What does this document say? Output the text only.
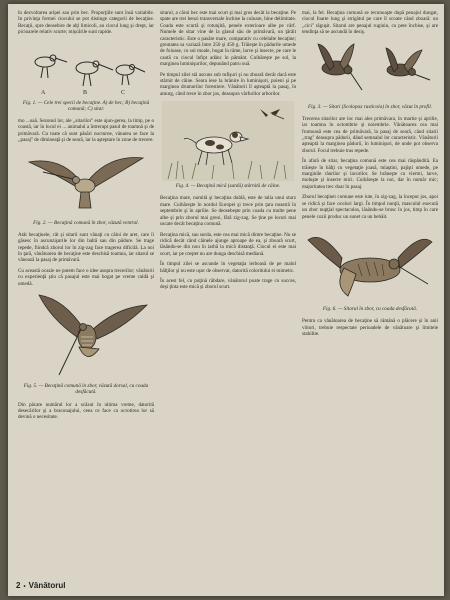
în dezvoltarea aripei sau prin bec. Proporţiile sunt însă variabile. In privinţa formei ciocului se pot distinge categorii de becaţine. Becaţii, spre deosebire de alţi limicoli, au ciocul lung şi drept, iar picioarele relativ scurte; mişcările sunt rapide.

A	B	C

Fig. 1. — Cele trei specii de becaţine. A) de bec; B) becaţină comună; C) sitar.

mo ...oaă. Sezonul lor, ale ,,sitarilor'' este ajun-gerea, la timp, pe o coastă, iar în locul ei ... animalul a întrerupt pasul de toamnă şi de primăvară. Cu toate că sunt păsări nocturne, vânarea se face la ,,pasaj'' de dimineaţă şi de seară, iar la aşteptare în zone de trecere.

Fig. 2. — Becaţină comună în zbor, văzută ventral.

Atât becaţinele, cât şi sitarii sunt vânaţi cu câini de aret, care îi găsesc în ascunzişurile lor din baltă sau din pădure. Se trage repede, fiindcă zborul lor în zig-zag face tragerea dificilă. La noi în ţară, vânătoarea de becaţine este deschisă toamna, iar sitarul se vânează la pasaj de primăvară.

Cu această ocazie ne putem face o idee asupra trecerilor; vânătorii cu experienţă ştiu că pasajul este mai bogat pe vreme caldă şi umedă.

Fig. 5. — Becaţină comună în zbor, văzută dorsal, cu coada desfăcută.

Din păcate numărul lor a scăzut în ultima vreme, datorită desecărilor şi a braconajului, ceea ce face ca ocrotirea lor să devină o necesitate.

sitarul, a cărui bec este mai scurt şi mai gros decât la becaţine. Pe spate are trei benzi transversale închise la culoare, bine delimitate. Coada este scurtă şi rotunjită, penele exterioare albe pe vârf. Numele de sitar vine de la glasul său de primăvară, un ţârâit caracteristic. Este o pasăre mare, comparativ cu celelalte becaţine; greutatea sa variază între 250 şi 450 g. Trăieşte în pădurile umede de foioase, cu sol moale, bogat în râme, larve şi insecte, pe care le caută cu ciocul înfipt adânc în pământ. Cuibăreşte pe sol, la marginea luminişurilor, depunând patru ouă.

Pe timpul zilei stă ascuns sub tufişuri şi nu zboară decât dacă este stârnit de câine. Seara iese la hrănire în luminişuri, poieni şi pe marginea drumurilor forestiere. Vânătorii îl aşteaptă la pasaj, în amurg, când trece în zbor jos, deasupra vârfurilor arborilor.

Fig. 4. — Becaţină mică (surdă) stârnită de câine.

Becaţina mare, numită şi becaţina dublă, este de talia unui sturz mare. Cuibăreşte în nordul Europei şi trece prin ţara noastră în septembrie şi în aprilie. Se deosebeşte prin coada cu multe pene albe şi prin zborul mai greoi, fără zig-zag. Se ţine pe locuri mai uscate decât becaţina comună.

Becaţina mică, sau surda, este cea mai mică dintre becaţine. Nu se ridică decât când câinele ajunge aproape de ea, şi zboară scurt, lăsându-se din nou în iarbă la mică distanţă. Ciocul ei este mai scurt, iar pe creştet nu are dunga deschisă mediană.

În timpul zilei se ascunde în vegetaţia ierboasă de pe malul bălţilor şi nu este uşor de observat, datorită coloritului ei mimetic.

În acest fel, cu puţină răbdare, vânătorul poate trage cu succes, deşi ţinta este mică şi zborul scurt.

mai, la fel. Becaţina comună se recunoaşte după penajul dungat, ciocul foarte lung şi strigătul pe care îl scoate când zboară: un ,,cici'' răguşit. Sitarul are penajul ruginiu, cu pete închise, şi are tendinţa să se ascundă în desiş.

Fig. 3. — Sitari (Scolopax rusticola) în zbor, văzut în profil.

Trecerea sitarilor are loc mai ales primăvara, în martie şi aprilie, iar toamna în octombrie şi noiembrie. Vânătoarea cea mai frumoasă este cea de primăvară, la pasaj de seară, când sitarii ,,trag'' deasupra pădurii, dând semnalul lor caracteristic. Vânătorii aşteaptă la marginea pădurii, în luminişuri, de unde pot observa zborul. Focul trebuie tras repede.

În afară de sitar, becaţina comună este cea mai răspândită. Ea trăieşte în bălţi cu vegetaţie joasă, mlaştini, pajişti umede, pe marginile râurilor şi lacurilor. Se hrăneşte cu viermi, larve, moluşte şi insecte mici. Cuibăreşte la noi, dar în număr mic; majoritatea trec doar în pasaj.

Zborul becaţinei comune este iute, în zig-zag, la început jos, apoi se ridică şi face ocoluri largi. În timpul nunţii, masculul execută un zbor nupţial spectaculos, lăsându-se brusc în jos, timp în care penele cozii produc un sunet ca un behăit.

Fig. 6. — Sitarul în zbor, cu coada desfăcută.

Pentru ca vânătoarea de becaţine să rămână o plăcere şi în anii viitori, trebuie respectate perioadele de vânătoare şi limitele stabilite.

2 • Vânătorul
